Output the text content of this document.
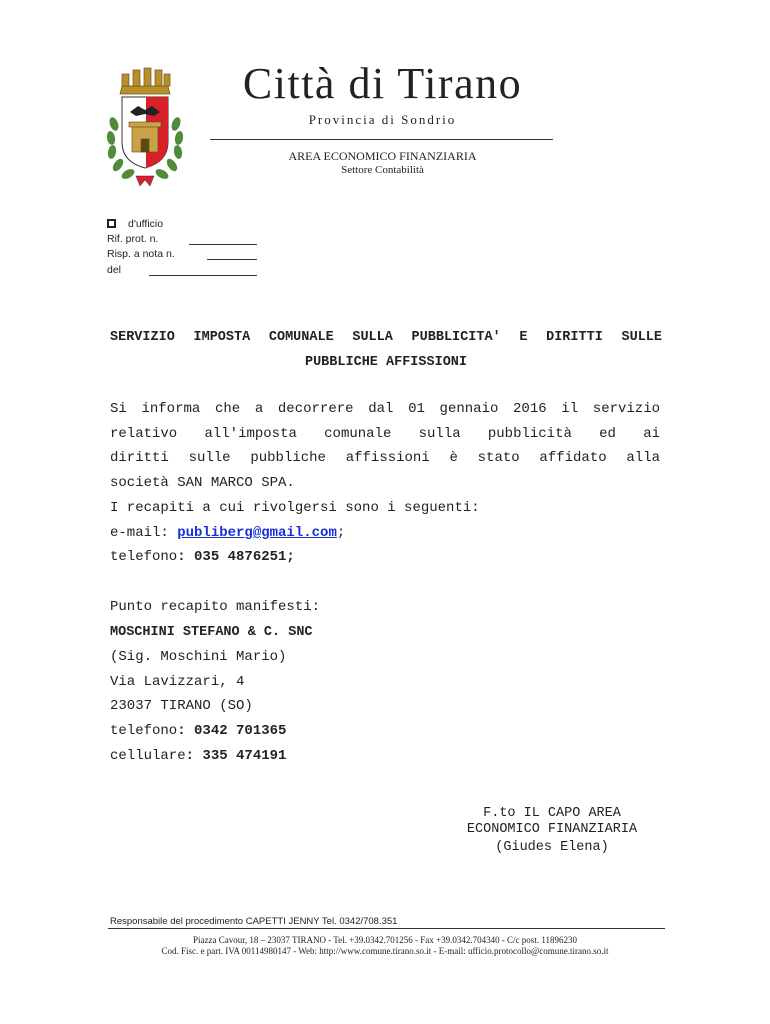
Città di Tirano
Provincia di Sondrio
AREA ECONOMICO FINANZIARIA
Settore Contabilità
d'ufficio
Rif. prot. n.
Risp. a nota n.
del
SERVIZIO IMPOSTA COMUNALE SULLA PUBBLICITA' E DIRITTI SULLE
PUBBLICHE AFFISSIONI
Si informa che a decorrere dal 01 gennaio 2016 il servizio
relativo all'imposta comunale sulla pubblicità ed ai
diritti sulle pubbliche affissioni è stato affidato alla
società SAN MARCO SPA.
I recapiti a cui rivolgersi sono i seguenti:
e-mail: publiberg@gmail.com;
telefono: 035 4876251;
Punto recapito manifesti:
MOSCHINI STEFANO & C. SNC
(Sig. Moschini Mario)
Via Lavizzari, 4
23037 TIRANO (SO)
telefono: 0342 701365
cellulare: 335 474191
F.to IL CAPO AREA
ECONOMICO FINANZIARIA
(Giudes Elena)
Responsabile del procedimento CAPETTI JENNY Tel. 0342/708.351
Piazza Cavour, 18 – 23037 TIRANO - Tel. +39.0342.701256 - Fax +39.0342.704340 - C/c post. 11896230
Cod. Fisc. e part. IVA 00114980147 - Web: http://www.comune.tirano.so.it - E-mail: ufficio.protocollo@comune.tirano.so.it
